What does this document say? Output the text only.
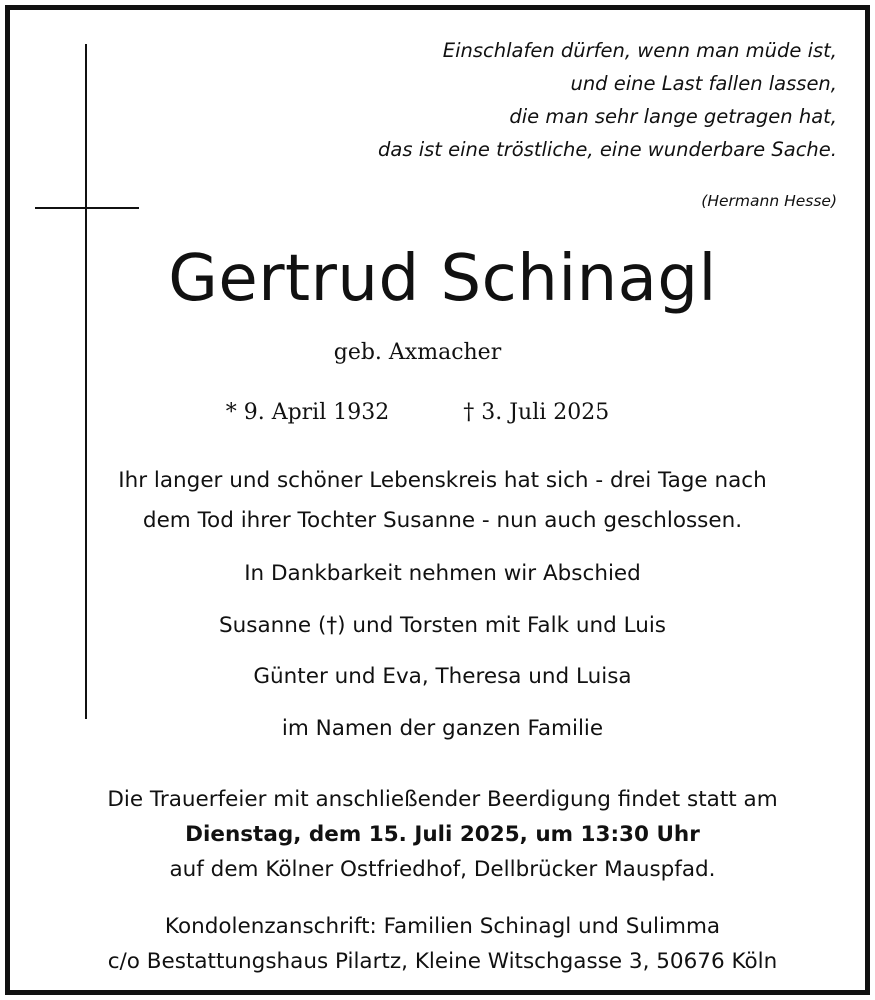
Einschlafen dürfen, wenn man müde ist,
und eine Last fallen lassen,
die man sehr lange getragen hat,
das ist eine tröstliche, eine wunderbare Sache.
(Hermann Hesse)
Gertrud Schinagl
geb. Axmacher
* 9. April 1932	† 3. Juli 2025
Ihr langer und schöner Lebenskreis hat sich - drei Tage nach
dem Tod ihrer Tochter Susanne - nun auch geschlossen.
In Dankbarkeit nehmen wir Abschied
Susanne (†) und Torsten mit Falk und Luis
Günter und Eva, Theresa und Luisa
im Namen der ganzen Familie
Die Trauerfeier mit anschließender Beerdigung findet statt am
Dienstag, dem 15. Juli 2025, um 13:30 Uhr
auf dem Kölner Ostfriedhof, Dellbrücker Mauspfad.
Kondolenzanschrift: Familien Schinagl und Sulimma
c/o Bestattungshaus Pilartz, Kleine Witschgasse 3, 50676 Köln
